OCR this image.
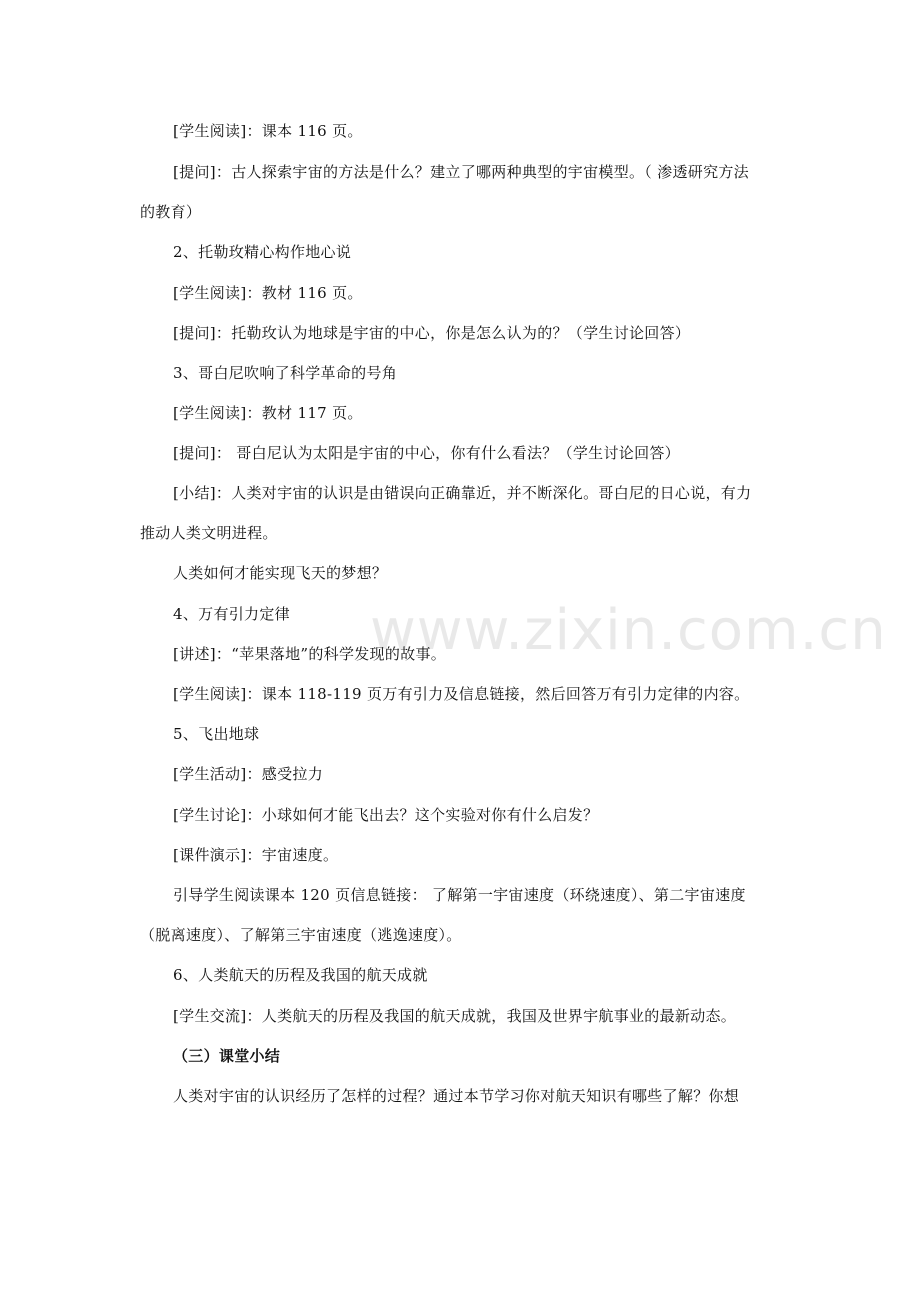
www.zixin.com.cn
[学生阅读]：课本 116 页。
[提问]：古人探索宇宙的方法是什么？建立了哪两种典型的宇宙模型。（ 渗透研究方法
的教育）
2、托勒玫精心构作地心说
[学生阅读]：教材 116 页。
[提问]：托勒玫认为地球是宇宙的中心，你是怎么认为的？（学生讨论回答）
3、哥白尼吹响了科学革命的号角
[学生阅读]：教材 117 页。
[提问]： 哥白尼认为太阳是宇宙的中心，你有什么看法？（学生讨论回答）
[小结]：人类对宇宙的认识是由错误向正确靠近，并不断深化。哥白尼的日心说，有力
推动人类文明进程。
人类如何才能实现飞天的梦想？
4、万有引力定律
[讲述]：“苹果落地”的科学发现的故事。
[学生阅读]：课本 118-119 页万有引力及信息链接，然后回答万有引力定律的内容。
5、飞出地球
[学生活动]：感受拉力
[学生讨论]：小球如何才能飞出去？这个实验对你有什么启发？
[课件演示]：宇宙速度。
引导学生阅读课本 120 页信息链接： 了解第一宇宙速度（环绕速度）、第二宇宙速度
（脱离速度）、了解第三宇宙速度（逃逸速度）。
6、人类航天的历程及我国的航天成就
[学生交流]：人类航天的历程及我国的航天成就，我国及世界宇航事业的最新动态。
（三）课堂小结
人类对宇宙的认识经历了怎样的过程？通过本节学习你对航天知识有哪些了解？你想
